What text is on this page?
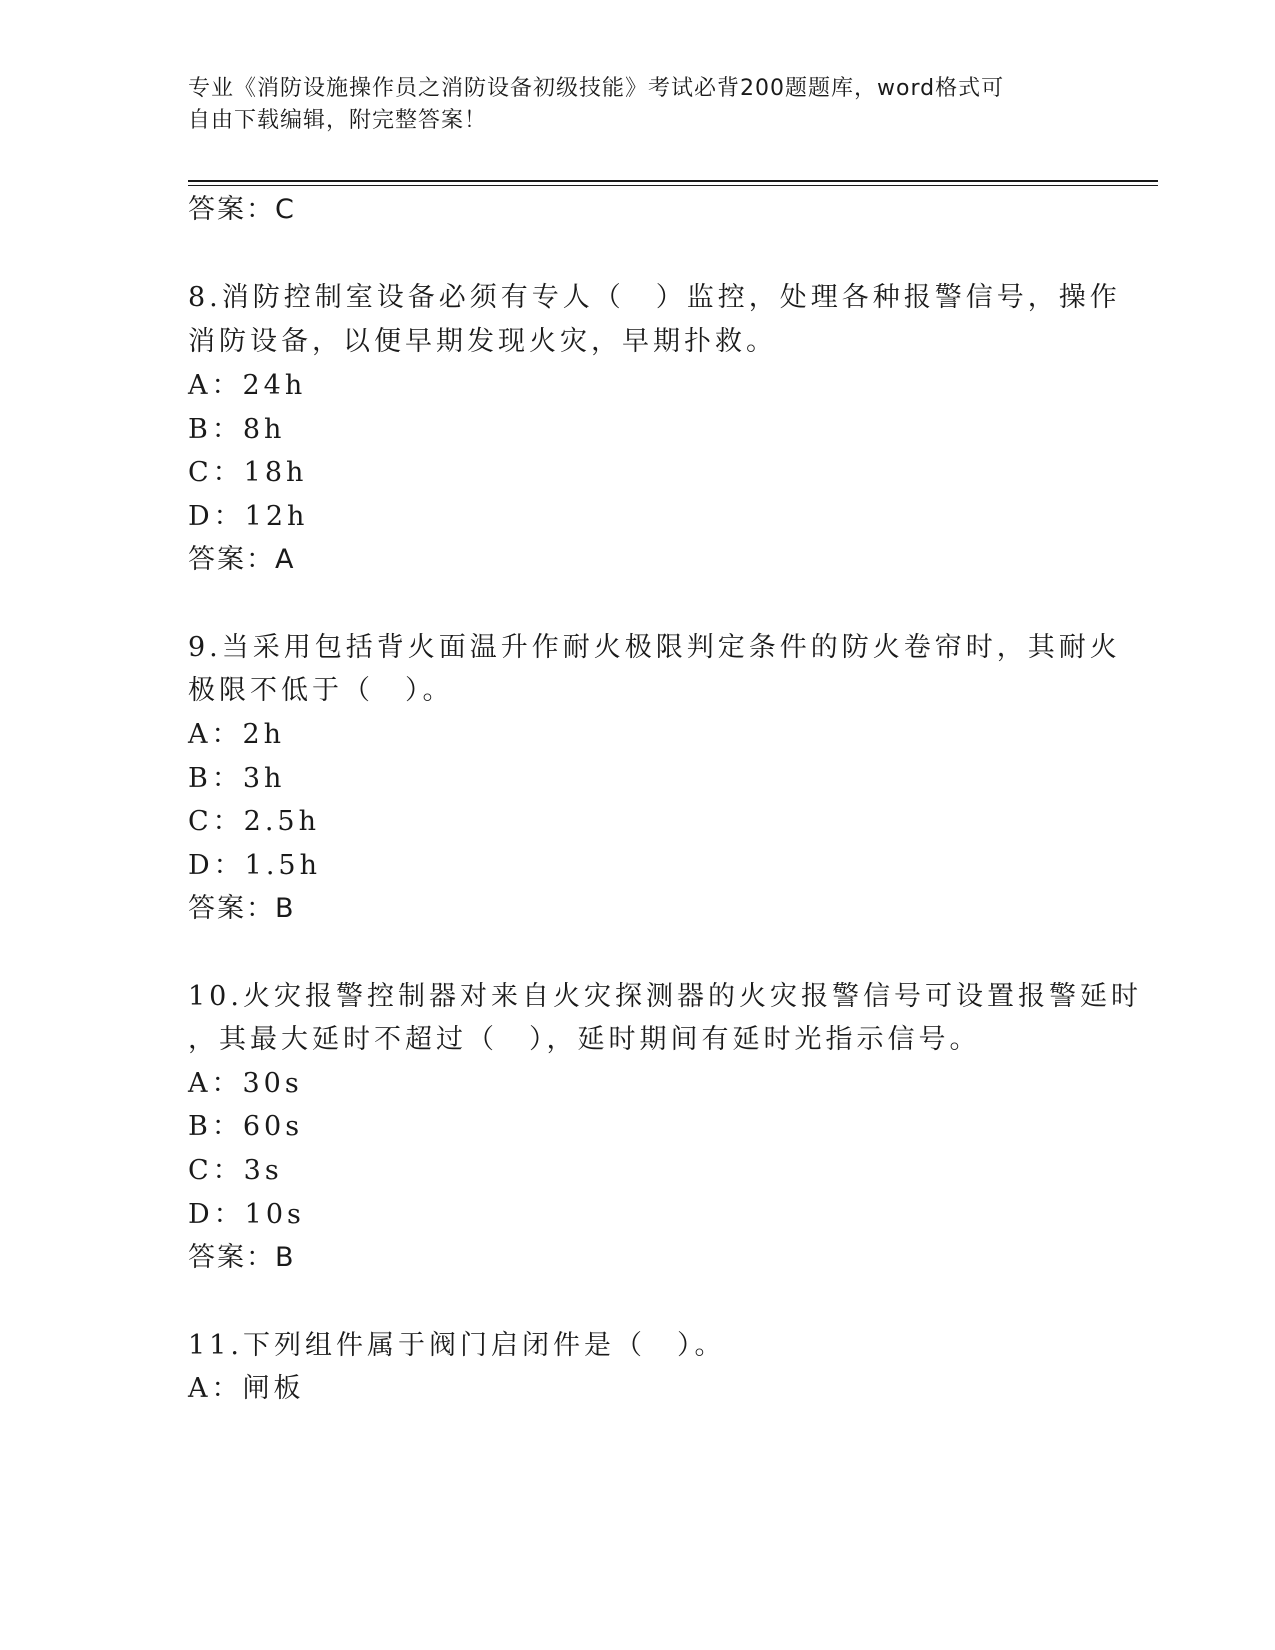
专业《消防设施操作员之消防设备初级技能》考试必背200题题库，word格式可
自由下载编辑，附完整答案！
答案：C
8.消防控制室设备必须有专人（　）监控，处理各种报警信号，操作
消防设备，以便早期发现火灾，早期扑救。
A：24h
B：8h
C：18h
D：12h
答案：A
9.当采用包括背火面温升作耐火极限判定条件的防火卷帘时，其耐火
极限不低于（　）。
A：2h
B：3h
C：2.5h
D：1.5h
答案：B
10.火灾报警控制器对来自火灾探测器的火灾报警信号可设置报警延时
，其最大延时不超过（　），延时期间有延时光指示信号。
A：30s
B：60s
C：3s
D：10s
答案：B
11.下列组件属于阀门启闭件是（　）。
A：闸板
